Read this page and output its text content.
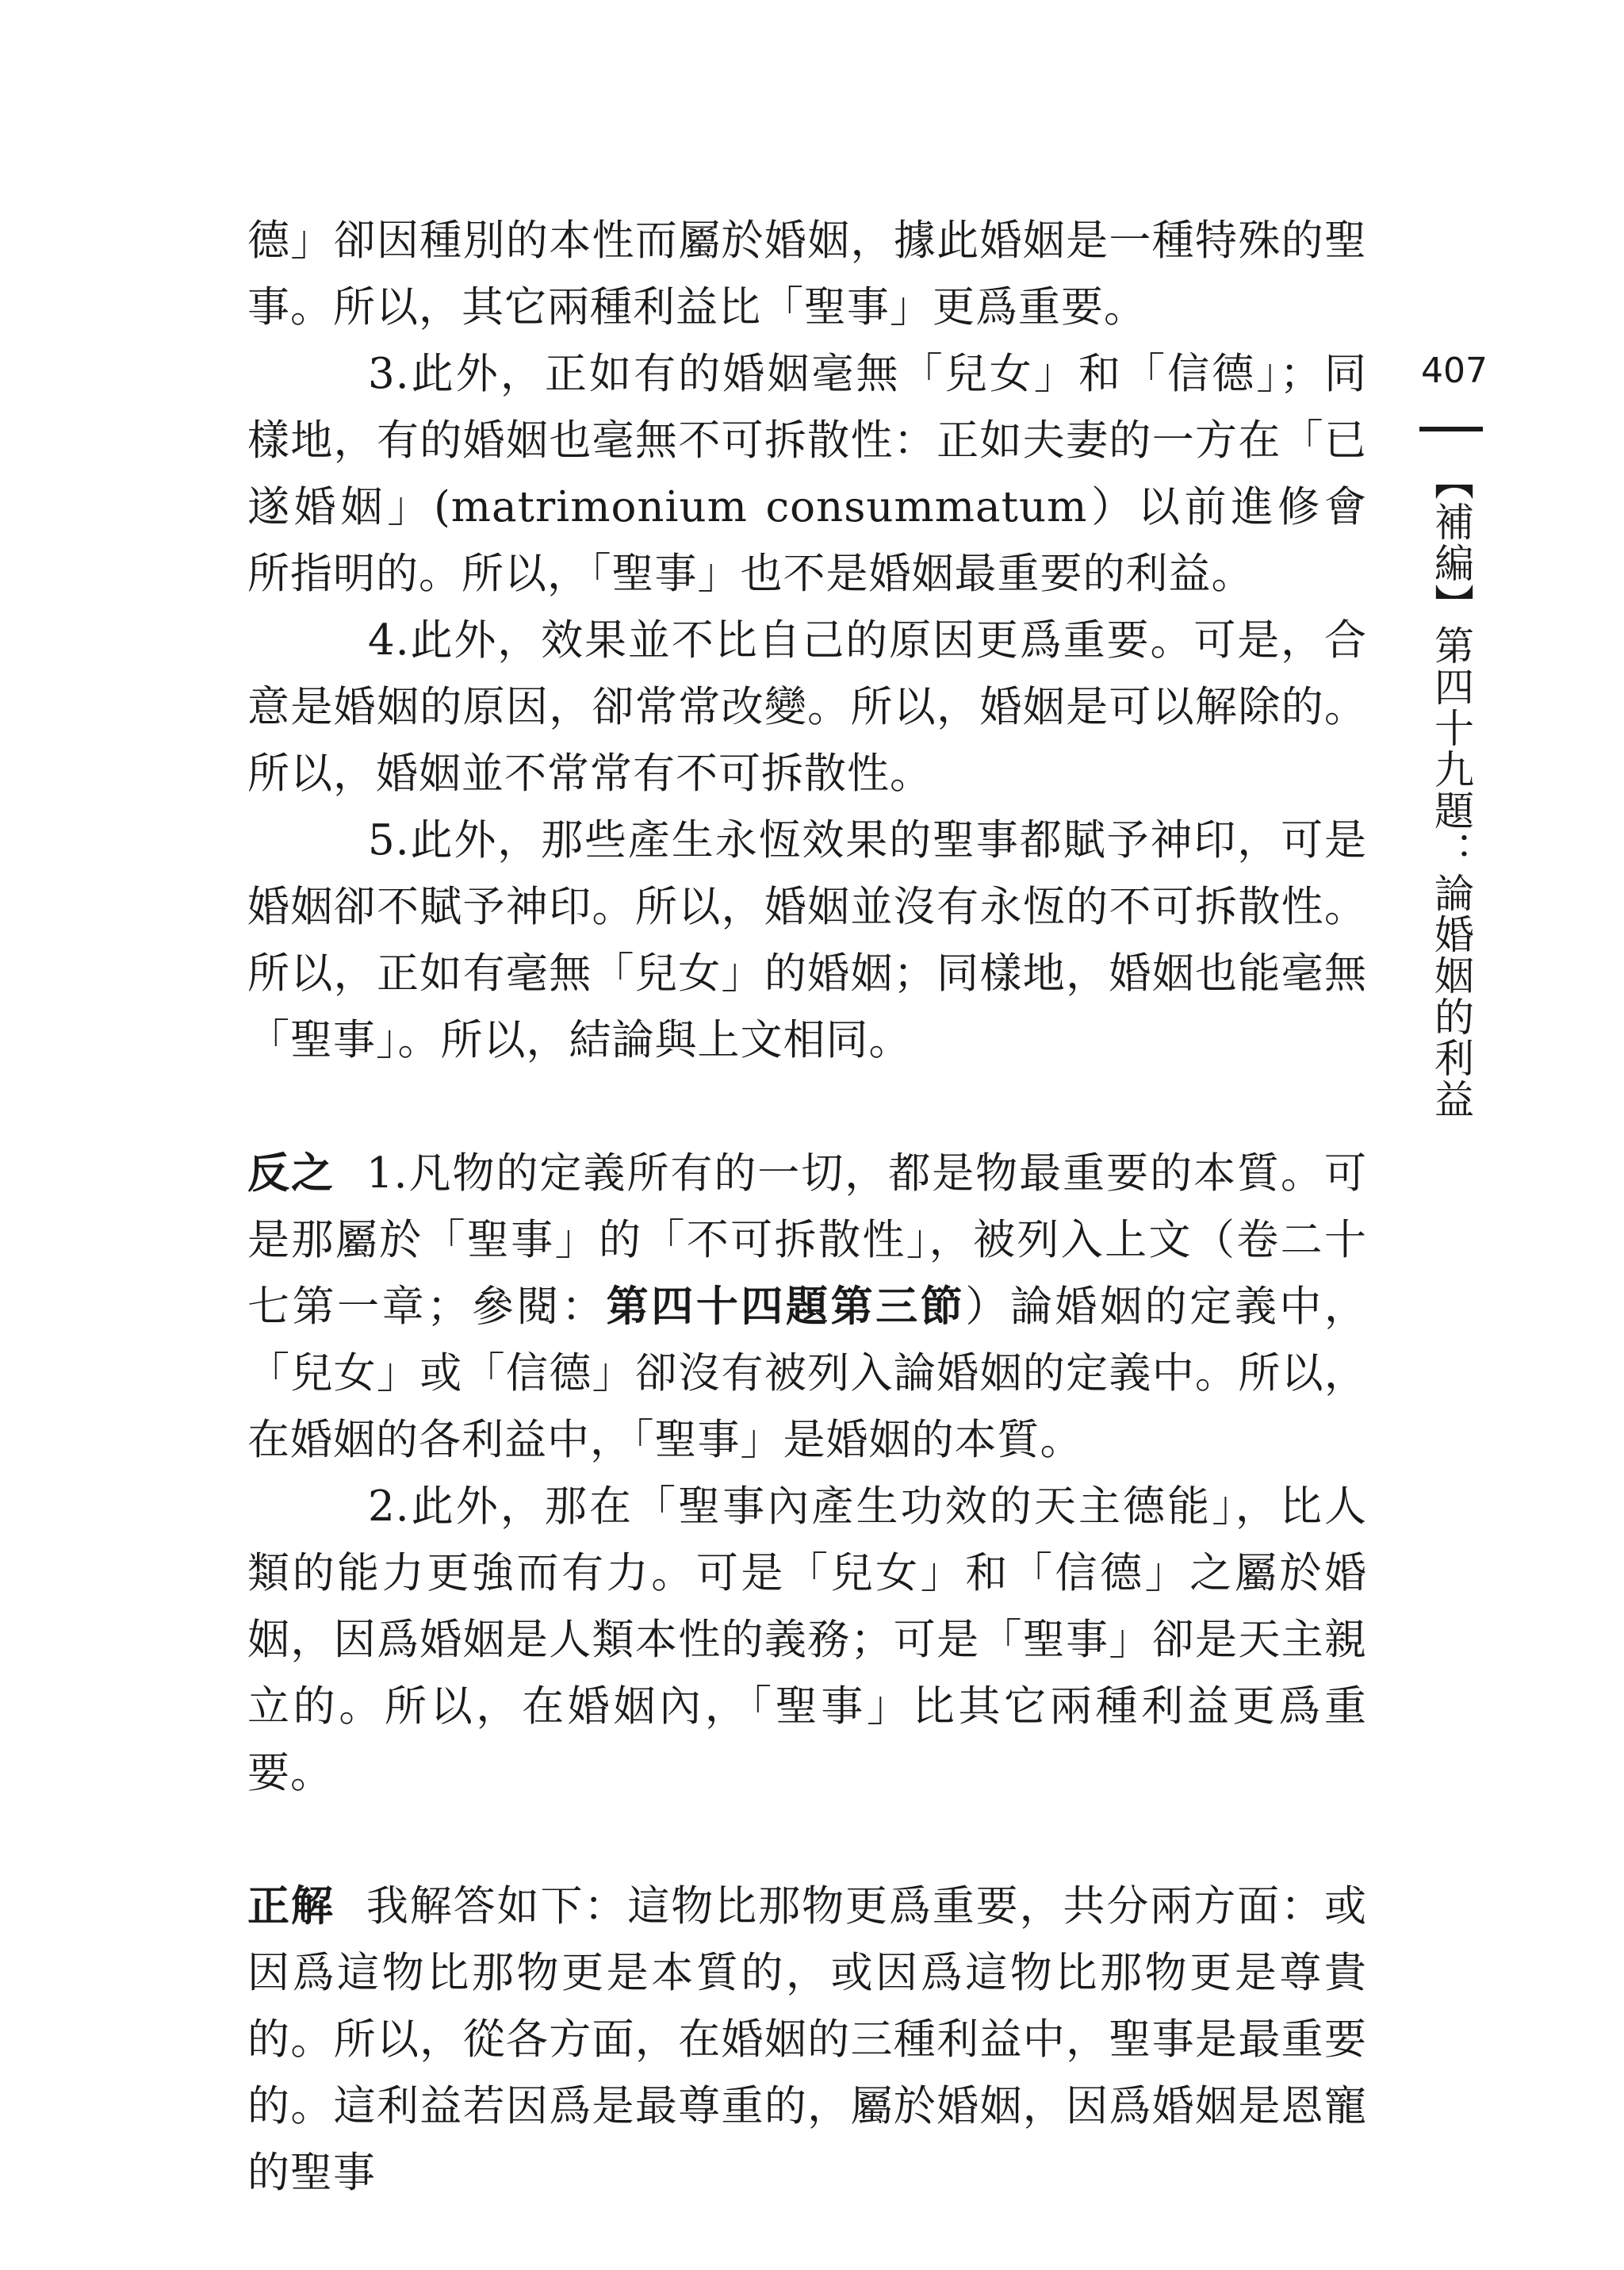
德」卻因種別的本性而屬於婚姻，據此婚姻是一種特殊的聖事。所以，其它兩種利益比「聖事」更爲重要。

3.此外，正如有的婚姻毫無「兒女」和「信德」；同樣地，有的婚姻也毫無不可拆散性：正如夫妻的一方在「已遂婚姻」(matrimonium consummatum）以前進修會所指明的。所以，「聖事」也不是婚姻最重要的利益。

4.此外，效果並不比自己的原因更爲重要。可是，合意是婚姻的原因，卻常常改變。所以，婚姻是可以解除的。所以，婚姻並不常常有不可拆散性。

5.此外，那些產生永恆效果的聖事都賦予神印，可是婚姻卻不賦予神印。所以，婚姻並沒有永恆的不可拆散性。所以，正如有毫無「兒女」的婚姻；同樣地，婚姻也能毫無「聖事」。所以，結論與上文相同。

反之 1.凡物的定義所有的一切，都是物最重要的本質。可是那屬於「聖事」的「不可拆散性」，被列入上文（卷二十七第一章；參閱：第四十四題第三節）論婚姻的定義中，「兒女」或「信德」卻沒有被列入論婚姻的定義中。所以，在婚姻的各利益中，「聖事」是婚姻的本質。

2.此外，那在「聖事內產生功效的天主德能」，比人類的能力更強而有力。可是「兒女」和「信德」之屬於婚姻，因爲婚姻是人類本性的義務；可是「聖事」卻是天主親立的。所以，在婚姻內，「聖事」比其它兩種利益更爲重要。

正解 我解答如下：這物比那物更爲重要，共分兩方面：或因爲這物比那物更是本質的，或因爲這物比那物更是尊貴的。所以，從各方面，在婚姻的三種利益中，聖事是最重要的。這利益若因爲是最尊重的，屬於婚姻，因爲婚姻是恩寵的聖事

407
【補編】第四十九題：論婚姻的利益
